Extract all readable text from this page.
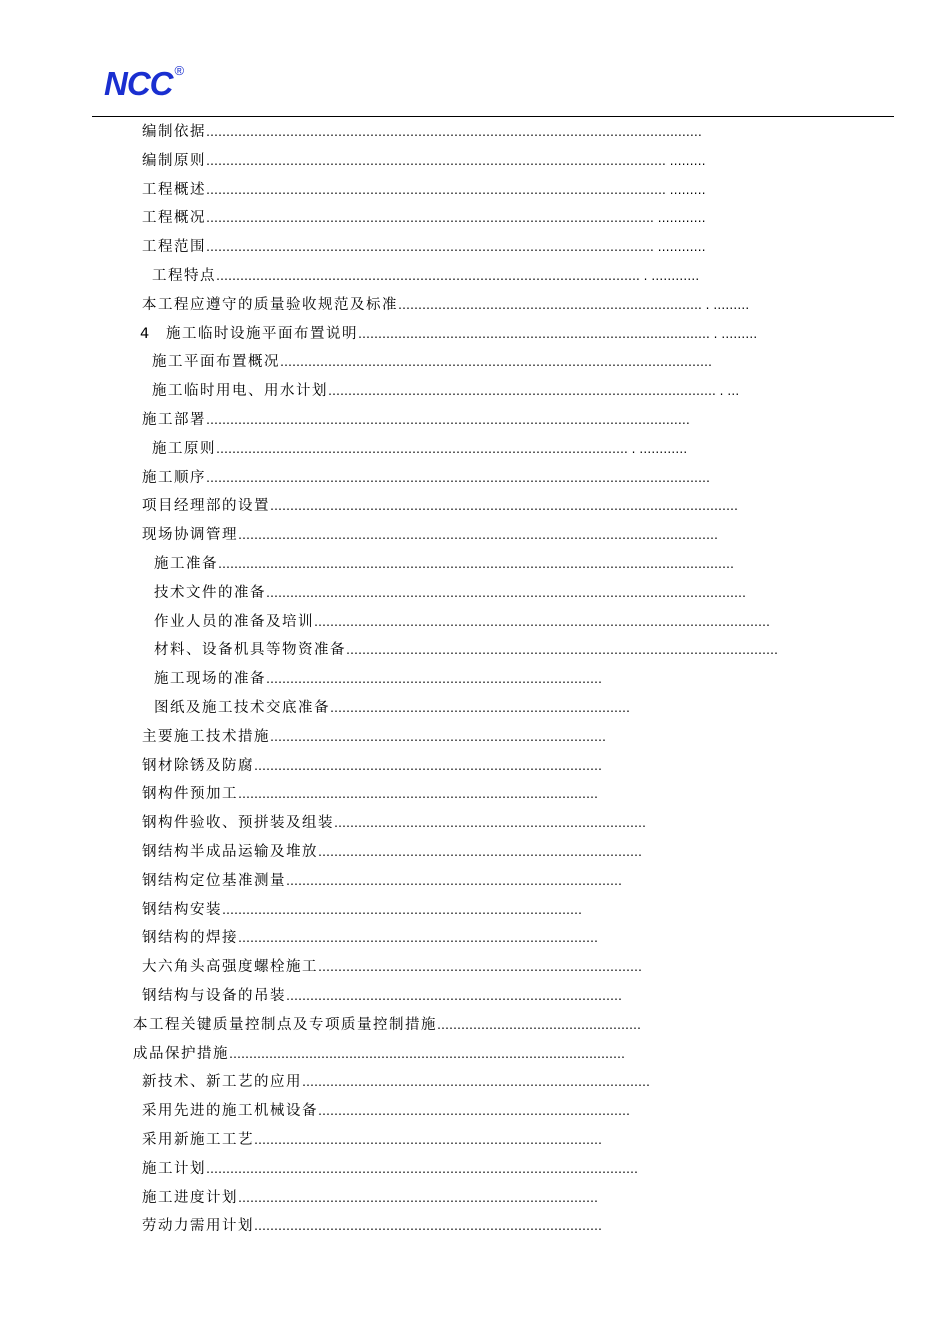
NCC ®
编制依据……………………………………………………………………………………………………….……
编制原则……………………………………………………………………………………………………. ………
工程概述……………………………………………………………………………………………………. ………
工程概况…………………………………………………………………………………………………. …………
工程范围…………………………………………………………………………………………………. …………
工程特点……………………………………………………………………………………………. . …………
本工程应遵守的质量验收规范及标准…………………………………………………………………. . ………
4 施工临时设施平面布置说明……………………………………………………………………………. . ………
施工平面布置概况………………………………………………………………………………………………
施工临时用电、用水计划……………………………………………………………………………………. . …
施工部署…………………………………………………………………………………………………….……
施工原则…………………………………………………………………………………………. . …………
施工顺序………………………………………………………………………………………………………………
项目经理部的设置………………………………………………………………………………………………………
现场协调管理…………………………………………………………………………………………………………
施工准备…………………………………………………………………………………………………………………
技术文件的准备…………………………………………………………………………………………………………
作业人员的准备及培训……………………………………………………………………………………………………
材料、设备机具等物资准备………………………………………………………………………………………………
施工现场的准备…………………………………………………………………………
图纸及施工技术交底准备…………………………………………………………………
主要施工技术措施…………………………………………………………………………
钢材除锈及防腐……………………………………………………………………………
钢构件预加工………………………………………………………………………………
钢构件验收、预拼装及组装……………………………………………………………………
钢结构半成品运输及堆放………………………………………………………………………
钢结构定位基准测量…………………………………………………………………………
钢结构安装………………………………………………………………………………
钢结构的焊接………………………………………………………………………………
大六角头高强度螺栓施工………………………………………………………………………
钢结构与设备的吊装…………………………………………………………………………
本工程关键质量控制点及专项质量控制措施……………………………………………
成品保护措施………………………………………………………………………………………
新技术、新工艺的应用……………………………………………………………………………
采用先进的施工机械设备……………………………………………………………………
采用新施工工艺……………………………………………………………………………
施工计划………………………………………………………………………………………………
施工进度计划………………………………………………………………………………
劳动力需用计划……………………………………………………………………………
